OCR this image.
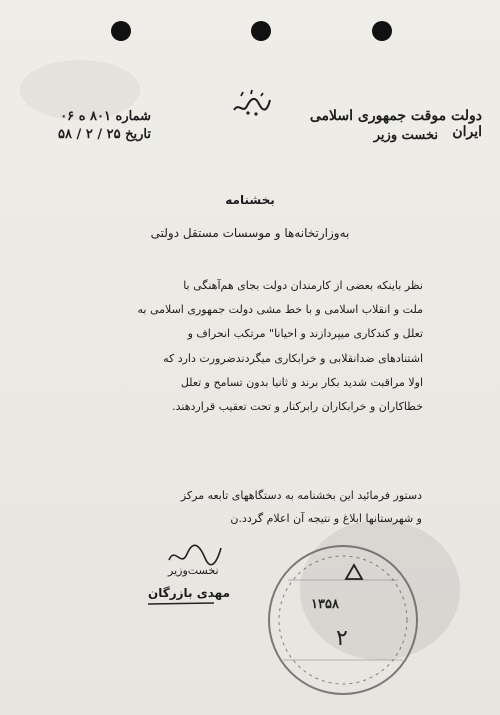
دولت موقت جمهوری اسلامی ایران
نخست وزیر
شماره ۸۰۱ ه ۰۶
تاریخ ۲۵ / ۲ / ۵۸
بخشنامه
به‌وزارتخانه‌ها و موسسات مستقل دولتی
نظر باینکه بعضی از کارمندان دولت بجای هم‌آهنگی با
ملت و انقلاب اسلامی و با خط مشی دولت جمهوری اسلامی به
تعلل و کندکاری میپردازند و احیانا" مرتکب انحراف و
اشتنادهای ضدانقلابی و خرابکاری میگردندضرورت دارد که
اولا مراقبت شدید بکار برند و ثانیا بدون تسامح و تعلل
خطاکاران و خرابکاران رابرکنار و تحت تعقیب قراردهند.
دستور فرمائید این بخشنامه به دستگاههای تابعه مرکز
و شهرستانها ابلاغ و نتیجه آن اعلام گردد.ن
نخست‌وزیر
مهدی بازرگان
۱۳۵۸
۲
